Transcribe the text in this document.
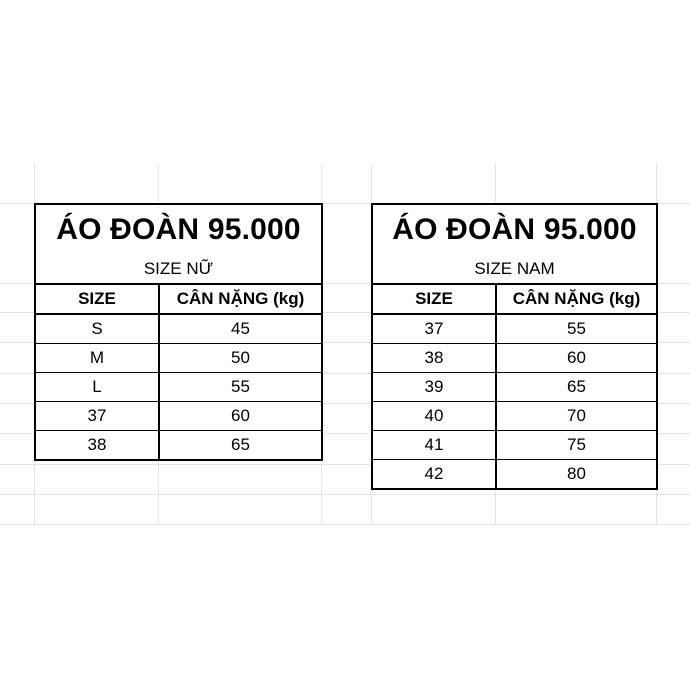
ÁO ĐOÀN 95.000	
SIZE NỮ	
SIZE	CÂN NẶNG (kg)
S	45
M	50
L	55
37	60
38	65
ÁO ĐOÀN 95.000	
SIZE NAM	
SIZE	CÂN NẶNG (kg)
37	55
38	60
39	65
40	70
41	75
42	80
